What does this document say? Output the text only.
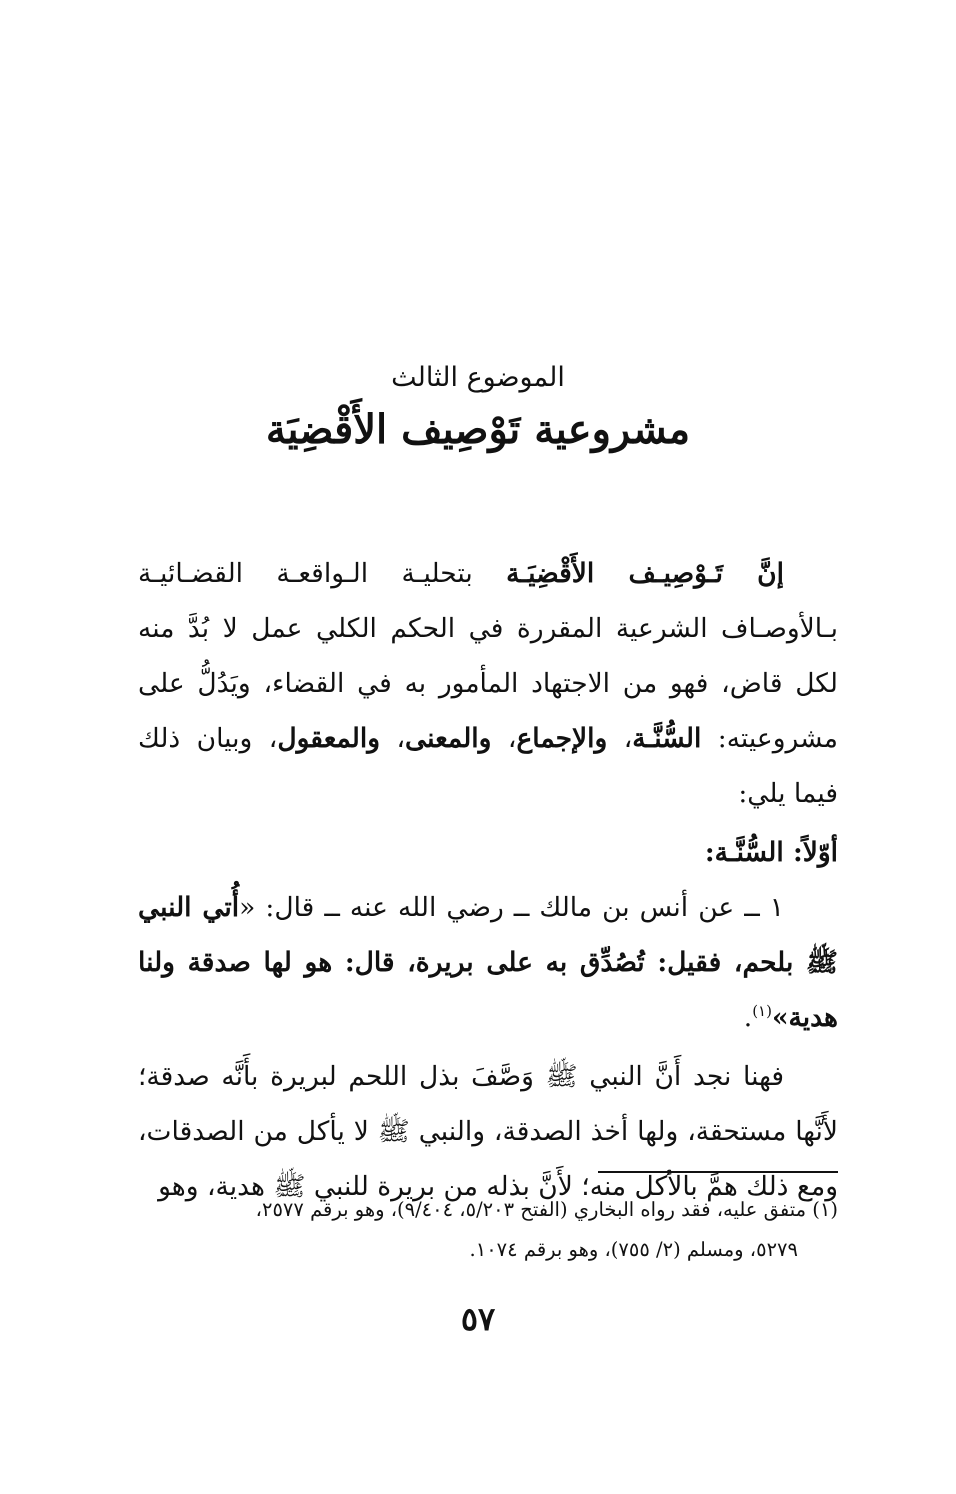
الموضوع الثالث
مشروعية تَوْصِيف الأَقْضِيَة

إنَّ تَـوْصِيـف الأَقْضِيَـة بتحليـة الـواقعـة القضـائيـة بـالأوصـاف الشرعية المقررة في الحكم الكلي عمل لا بُدَّ منه لكل قاض، فهو من الاجتهاد المأمور به في القضاء، ويَدُلُّ على مشروعيته: السُّنَّـة، والإجماع، والمعنى، والمعقول، وبيان ذلك فيما يلي:

أوّلاً: السُّنَّـة:

١ ــ عن أنس بن مالك ــ رضي الله عنه ــ قال: «أُتي النبي ﷺ بلحم، فقيل: تُصُدِّق به على بريرة، قال: هو لها صدقة ولنا هدية»$^{(١)}$.

فهنا نجد أَنَّ النبي ﷺ وَصَّفَ بذل اللحم لبريرة بأَنَّه صدقة؛ لأَنَّها مستحقة، ولها أخذ الصدقة، والنبي ﷺ لا يأكل من الصدقات، ومع ذلك همَّ بالأكل منه؛ لأَنَّ بذله من بريرة للنبي ﷺ هدية، وهو

(١) متفق عليه، فقد رواه البخاري (الفتح ٥/٢٠٣، ٩/٤٠٤)، وهو برقم ٢٥٧٧،

٥٢٧٩، ومسلم (٢/ ٧٥٥)، وهو برقم ١٠٧٤.

٥٧
